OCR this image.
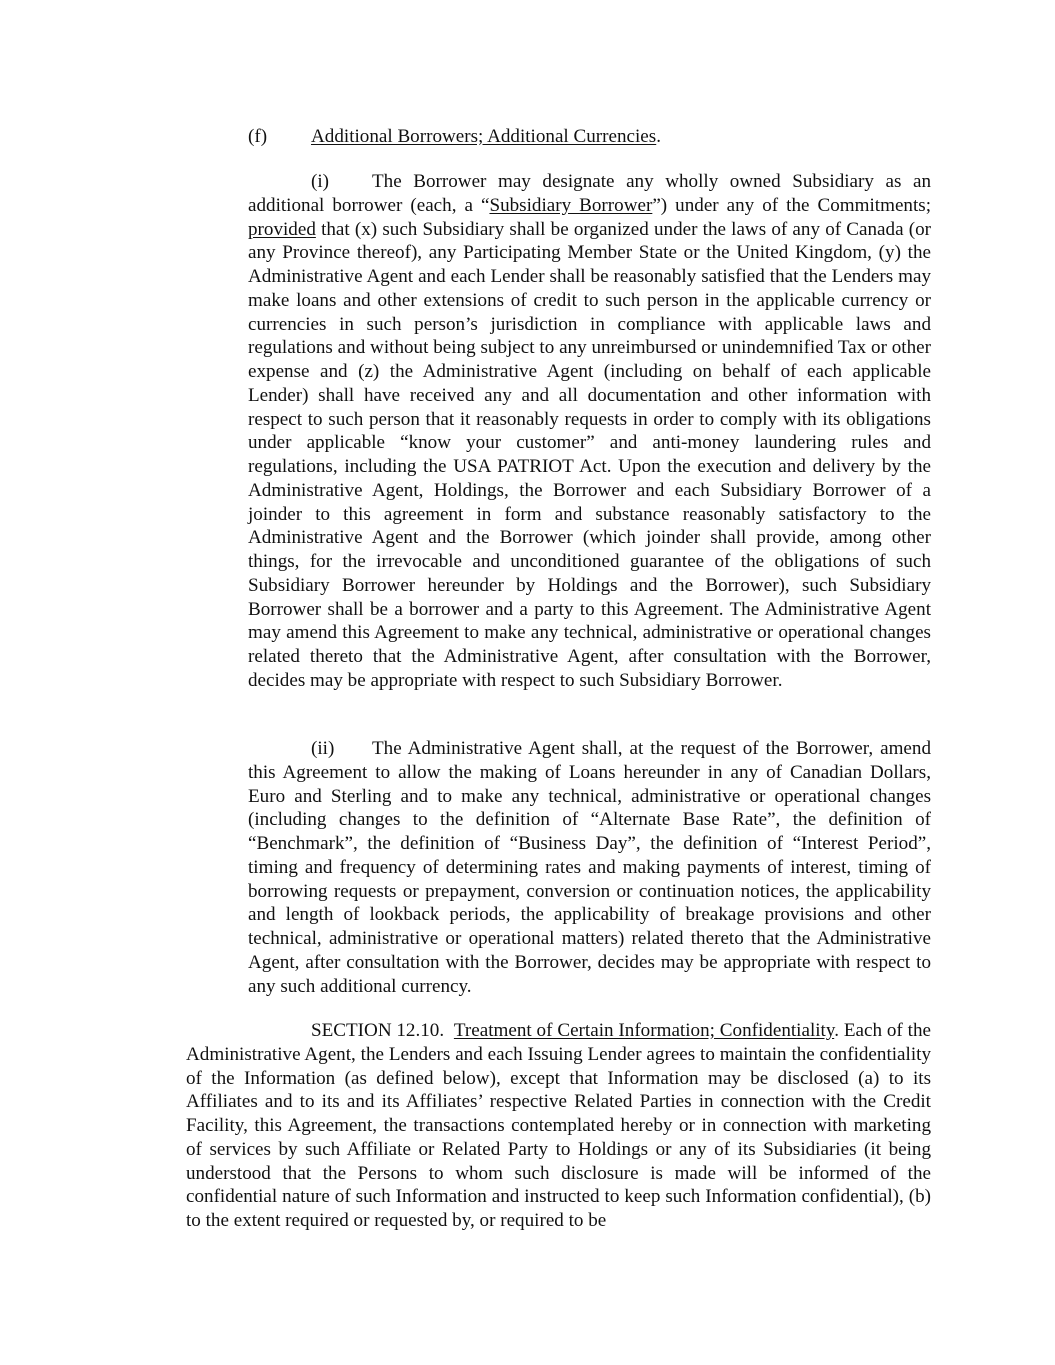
(f) Additional Borrowers; Additional Currencies.

(i) The Borrower may designate any wholly owned Subsidiary as an additional borrower (each, a “Subsidiary Borrower”) under any of the Commitments; provided that (x) such Subsidiary shall be organized under the laws of any of Canada (or any Province thereof), any Participating Member State or the United Kingdom, (y) the Administrative Agent and each Lender shall be reasonably satisfied that the Lenders may make loans and other extensions of credit to such person in the applicable currency or currencies in such person’s jurisdiction in compliance with applicable laws and regulations and without being subject to any unreimbursed or unindemnified Tax or other expense and (z) the Administrative Agent (including on behalf of each applicable Lender) shall have received any and all documentation and other information with respect to such person that it reasonably requests in order to comply with its obligations under applicable “know your customer” and anti-money laundering rules and regulations, including the USA PATRIOT Act. Upon the execution and delivery by the Administrative Agent, Holdings, the Borrower and each Subsidiary Borrower of a joinder to this agreement in form and substance reasonably satisfactory to the Administrative Agent and the Borrower (which joinder shall provide, among other things, for the irrevocable and unconditioned guarantee of the obligations of such Subsidiary Borrower hereunder by Holdings and the Borrower), such Subsidiary Borrower shall be a borrower and a party to this Agreement. The Administrative Agent may amend this Agreement to make any technical, administrative or operational changes related thereto that the Administrative Agent, after consultation with the Borrower, decides may be appropriate with respect to such Subsidiary Borrower.

(ii) The Administrative Agent shall, at the request of the Borrower, amend this Agreement to allow the making of Loans hereunder in any of Canadian Dollars, Euro and Sterling and to make any technical, administrative or operational changes (including changes to the definition of “Alternate Base Rate”, the definition of “Benchmark”, the definition of “Business Day”, the definition of “Interest Period”, timing and frequency of determining rates and making payments of interest, timing of borrowing requests or prepayment, conversion or continuation notices, the applicability and length of lookback periods, the applicability of breakage provisions and other technical, administrative or operational matters) related thereto that the Administrative Agent, after consultation with the Borrower, decides may be appropriate with respect to any such additional currency.

SECTION 12.10. Treatment of Certain Information; Confidentiality. Each of the Administrative Agent, the Lenders and each Issuing Lender agrees to maintain the confidentiality of the Information (as defined below), except that Information may be disclosed (a) to its Affiliates and to its and its Affiliates’ respective Related Parties in connection with the Credit Facility, this Agreement, the transactions contemplated hereby or in connection with marketing of services by such Affiliate or Related Party to Holdings or any of its Subsidiaries (it being understood that the Persons to whom such disclosure is made will be informed of the confidential nature of such Information and instructed to keep such Information confidential), (b) to the extent required or requested by, or required to be
